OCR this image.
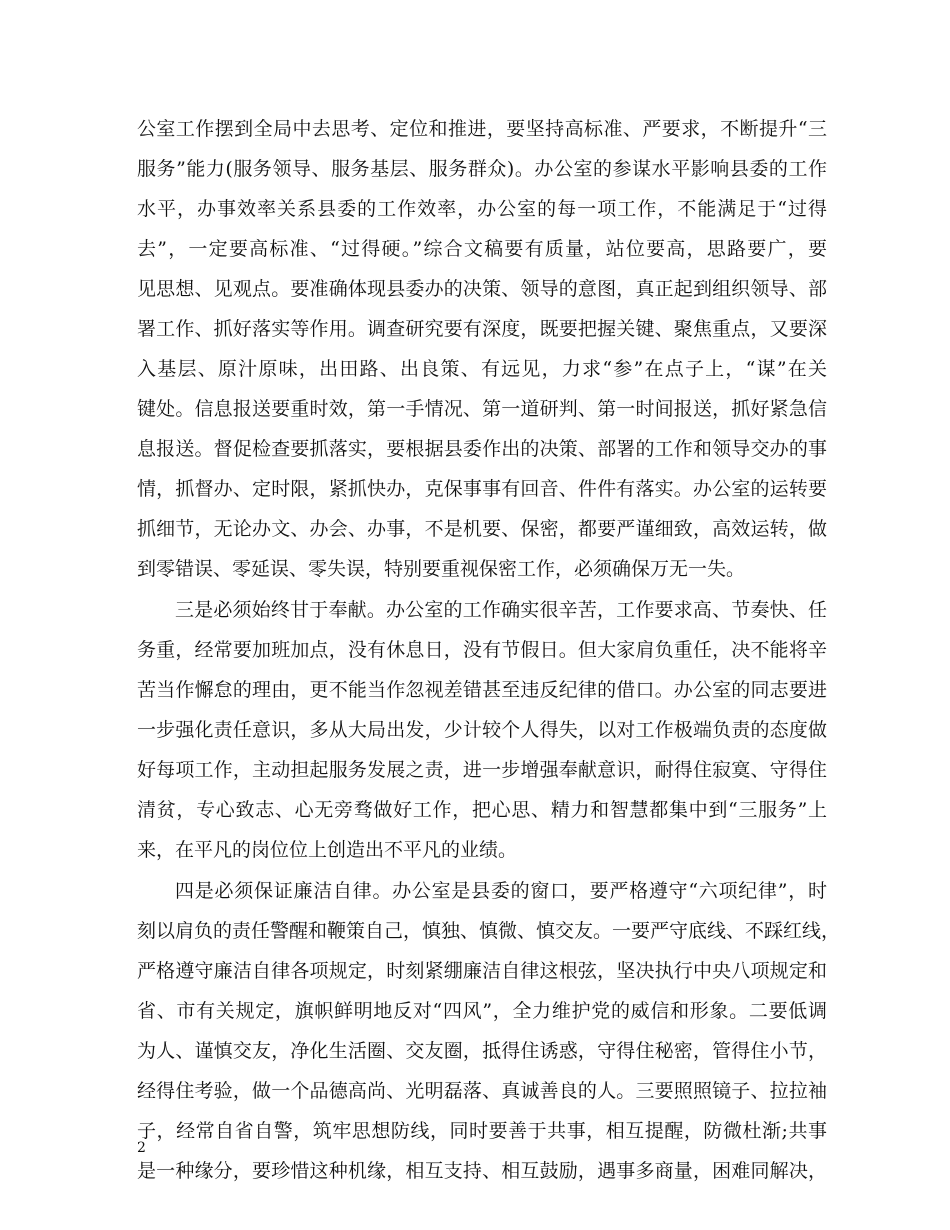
公室工作摆到全局中去思考、定位和推进，要坚持高标准、严要求，不断提升“三
服务”能力(服务领导、服务基层、服务群众)。办公室的参谋水平影响县委的工作
水平，办事效率关系县委的工作效率，办公室的每一项工作，不能满足于“过得
去”，一定要高标准、“过得硬。”综合文稿要有质量，站位要高，思路要广，要
见思想、见观点。要准确体现县委办的决策、领导的意图，真正起到组织领导、部
署工作、抓好落实等作用。调查研究要有深度，既要把握关键、聚焦重点，又要深
入基层、原汁原味，出田路、出良策、有远见，力求“参”在点子上，“谋”在关
键处。信息报送要重时效，第一手情况、第一道研判、第一时间报送，抓好紧急信
息报送。督促检查要抓落实，要根据县委作出的决策、部署的工作和领导交办的事
情，抓督办、定时限，紧抓快办，克保事事有回音、件件有落实。办公室的运转要
抓细节，无论办文、办会、办事，不是机要、保密，都要严谨细致，高效运转，做
到零错误、零延误、零失误，特别要重视保密工作，必须确保万无一失。
三是必须始终甘于奉献。办公室的工作确实很辛苦，工作要求高、节奏快、任
务重，经常要加班加点，没有休息日，没有节假日。但大家肩负重任，决不能将辛
苦当作懈怠的理由，更不能当作忽视差错甚至违反纪律的借口。办公室的同志要进
一步强化责任意识，多从大局出发，少计较个人得失，以对工作极端负责的态度做
好每项工作，主动担起服务发展之责，进一步增强奉献意识，耐得住寂寞、守得住
清贫，专心致志、心无旁骛做好工作，把心思、精力和智慧都集中到“三服务”上
来，在平凡的岗位位上创造出不平凡的业绩。
四是必须保证廉洁自律。办公室是县委的窗口，要严格遵守“六项纪律”，时
刻以肩负的责任警醒和鞭策自己，慎独、慎微、慎交友。一要严守底线、不踩红线，
严格遵守廉洁自律各项规定，时刻紧绷廉洁自律这根弦，坚决执行中央八项规定和
省、市有关规定，旗帜鲜明地反对“四风”，全力维护党的威信和形象。二要低调
为人、谨慎交友，净化生活圈、交友圈，抵得住诱惑，守得住秘密，管得住小节，
经得住考验，做一个品德高尚、光明磊落、真诚善良的人。三要照照镜子、拉拉袖
子，经常自省自警，筑牢思想防线，同时要善于共事，相互提醒，防微杜渐;共事
是一种缘分，要珍惜这种机缘，相互支持、相互鼓励，遇事多商量，困难同解决，
2
